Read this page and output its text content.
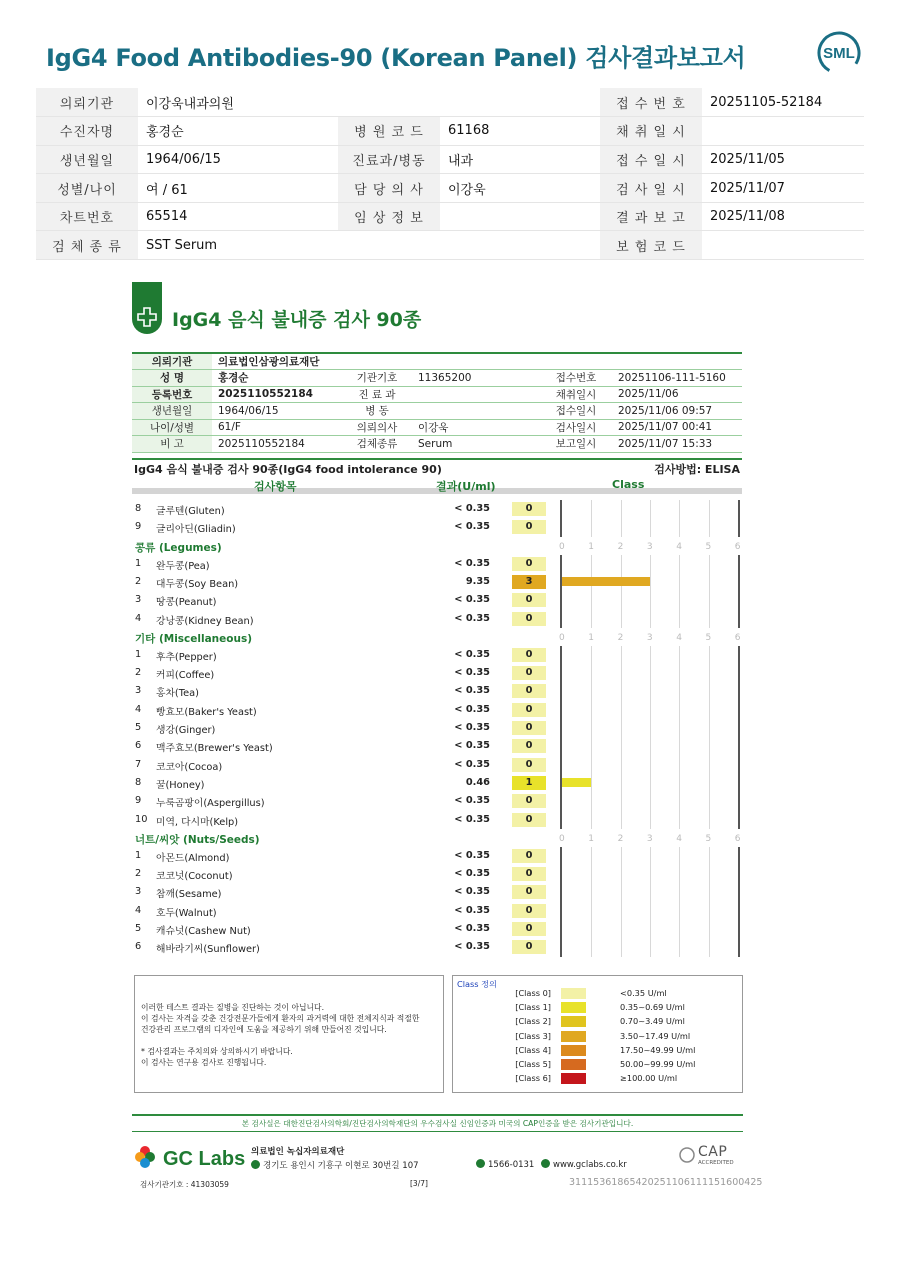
IgG4 Food Antibodies-90 (Korean Panel) 검사결과보고서	SML
의뢰기관	이강욱내과의원			접 수 번 호	20251105-52184
수진자명	홍경순	병 원 코 드	61168	채 취 일 시	
생년월일	1964/06/15	진료과/병동	내과	접 수 일 시	2025/11/05
성별/나이	여 / 61	담 당 의 사	이강욱	검 사 일 시	2025/11/07
차트번호	65514	임 상 정 보		결 과 보 고	2025/11/08
검 체 종 류	SST Serum			보 험 코 드	
IgG4 음식 불내증 검사 90종
의뢰기관	의료법인삼광의료재단				
성 명	홍경순	기관기호	11365200	접수번호	20251106-111-5160
등록번호	2025110552184	진 료 과		채취일시	2025/11/06
생년월일	1964/06/15	병 동		접수일시	2025/11/06 09:57
나이/성별	61/F	의뢰의사	이강욱	검사일시	2025/11/07 00:41
비 고	2025110552184	검체종류	Serum	보고일시	2025/11/07 15:33
IgG4 음식 불내증 검사 90종(IgG4 food intolerance 90)	검사방법: ELISA
검사항목	결과(U/ml)	Class
8 글루텐(Gluten)	< 0.35	0
9 글리아딘(Gliadin)	< 0.35	0
콩류 (Legumes)	0	1	2	3	4	5	6
1 완두콩(Pea)	< 0.35	0
2 대두콩(Soy Bean)	9.35	3
3 땅콩(Peanut)	< 0.35	0
4 강낭콩(Kidney Bean)	< 0.35	0
기타 (Miscellaneous)	0	1	2	3	4	5	6
1 후추(Pepper)	< 0.35	0
2 커피(Coffee)	< 0.35	0
3 홍차(Tea)	< 0.35	0
4 빵효모(Baker's Yeast)	< 0.35	0
5 생강(Ginger)	< 0.35	0
6 맥주효모(Brewer's Yeast)	< 0.35	0
7 코코아(Cocoa)	< 0.35	0
8 꿀(Honey)	0.46	1
9 누룩곰팡이(Aspergillus)	< 0.35	0
10 미역, 다시마(Kelp)	< 0.35	0
너트/씨앗 (Nuts/Seeds)	0	1	2	3	4	5	6
1 아몬드(Almond)	< 0.35	0
2 코코넛(Coconut)	< 0.35	0
3 참깨(Sesame)	< 0.35	0
4 호두(Walnut)	< 0.35	0
5 캐슈넛(Cashew Nut)	< 0.35	0
6 해바라기씨(Sunflower)	< 0.35	0
이러한 테스트 결과는 질병을 진단하는 것이 아닙니다.
이 검사는 자격을 갖춘 건강전문가들에게 환자의 과거력에 대한 전체지식과 적절한
건강관리 프로그램의 디자인에 도움을 제공하기 위해 만들어진 것입니다.
* 검사결과는 주치의와 상의하시기 바랍니다.
이 검사는 연구용 검사로 진행됩니다.
Class 정의
[Class 0]	<0.35 U/ml
[Class 1]	0.35~0.69 U/ml
[Class 2]	0.70~3.49 U/ml
[Class 3]	3.50~17.49 U/ml
[Class 4]	17.50~49.99 U/ml
[Class 5]	50.00~99.99 U/ml
[Class 6]	≥100.00 U/ml
본 검사실은 대한진단검사의학회/진단검사의학재단의 우수검사실 신임인증과 미국의 CAP인증을 받은 검사기관입니다.
GC Labs 의료법인 녹십자의료재단
경기도 용인시 기흥구 이현로 30번길 107	1566-0131	www.gclabs.co.kr
CAP
ACCREDITED
검사기관기호 : 41303059	[3/7]	31115361865420251106111151600425
